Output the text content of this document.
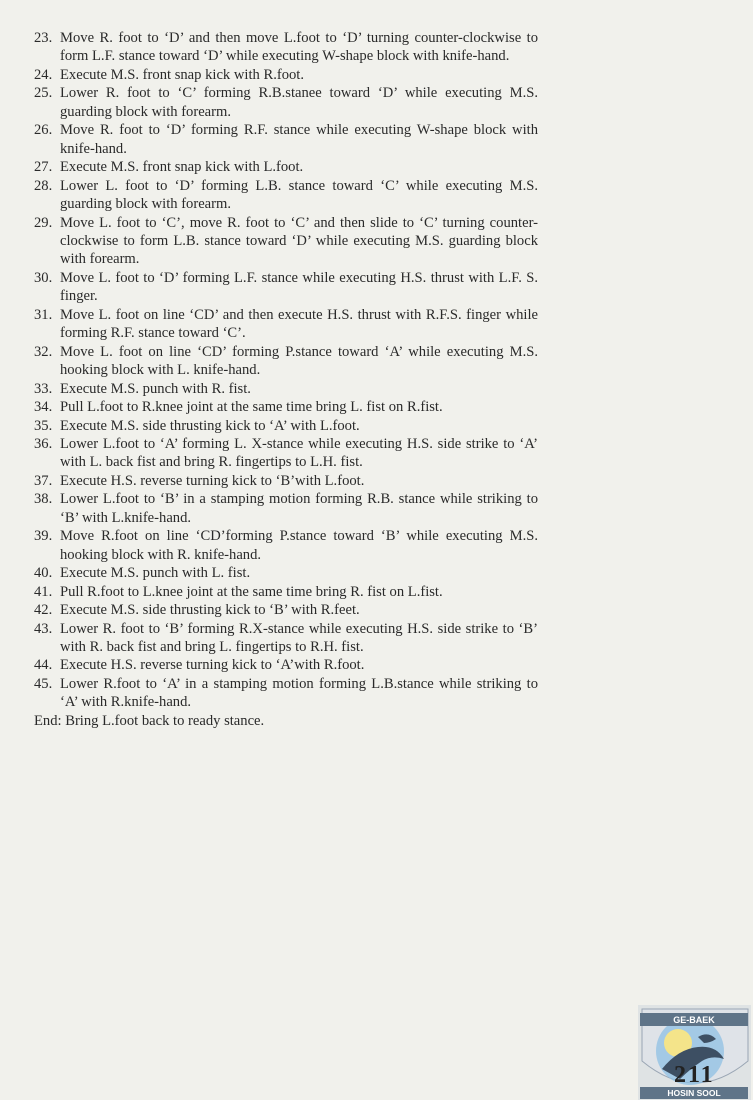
23. Move R. foot to ‘D’ and then move L.foot to ‘D’ turning counter-clockwise to form L.F. stance toward ‘D’ while executing W-shape block with knife-hand.
24. Execute M.S. front snap kick with R.foot.
25. Lower R. foot to ‘C’ forming R.B.stanee toward ‘D’ while executing M.S. guarding block with forearm.
26. Move R. foot to ‘D’ forming R.F. stance while executing W-shape block with knife-hand.
27. Execute M.S. front snap kick with L.foot.
28. Lower L. foot to ‘D’ forming L.B. stance toward ‘C’ while executing M.S. guarding block with forearm.
29. Move L. foot to ‘C’, move R. foot to ‘C’ and then slide to ‘C’ turning counter-clockwise to form L.B. stance toward ‘D’ while executing M.S. guarding block with forearm.
30. Move L. foot to ‘D’ forming L.F. stance while executing H.S. thrust with L.F. S. finger.
31. Move L. foot on line ‘CD’ and then execute H.S. thrust with R.F.S. finger while forming R.F. stance toward ‘C’.
32. Move L. foot on line ‘CD’ forming P.stance toward ‘A’ while executing M.S. hooking block with L. knife-hand.
33. Execute M.S. punch with R. fist.
34. Pull L.foot to R.knee joint at the same time bring L. fist on R.fist.
35. Execute M.S. side thrusting kick to ‘A’ with L.foot.
36. Lower L.foot to ‘A’ forming L. X-stance while executing H.S. side strike to ‘A’ with L. back fist and bring R. fingertips to L.H. fist.
37. Execute H.S. reverse turning kick to ‘B’with L.foot.
38. Lower L.foot to ‘B’ in a stamping motion forming R.B. stance while striking to ‘B’ with L.knife-hand.
39. Move R.foot on line ‘CD’forming P.stance toward ‘B’ while executing M.S. hooking block with R. knife-hand.
40. Execute M.S. punch with L. fist.
41. Pull R.foot to L.knee joint at the same time bring R. fist on L.fist.
42. Execute M.S. side thrusting kick to ‘B’ with R.feet.
43. Lower R. foot to ‘B’ forming R.X-stance while executing H.S. side strike to ‘B’ with R. back fist and bring L. fingertips to R.H. fist.
44. Execute H.S. reverse turning kick to ‘A’with R.foot.
45. Lower R.foot to ‘A’ in a stamping motion forming L.B.stance while striking to ‘A’ with R.knife-hand.
End: Bring L.foot back to ready stance.
GE-BAEK
HOSIN SOOL
211
